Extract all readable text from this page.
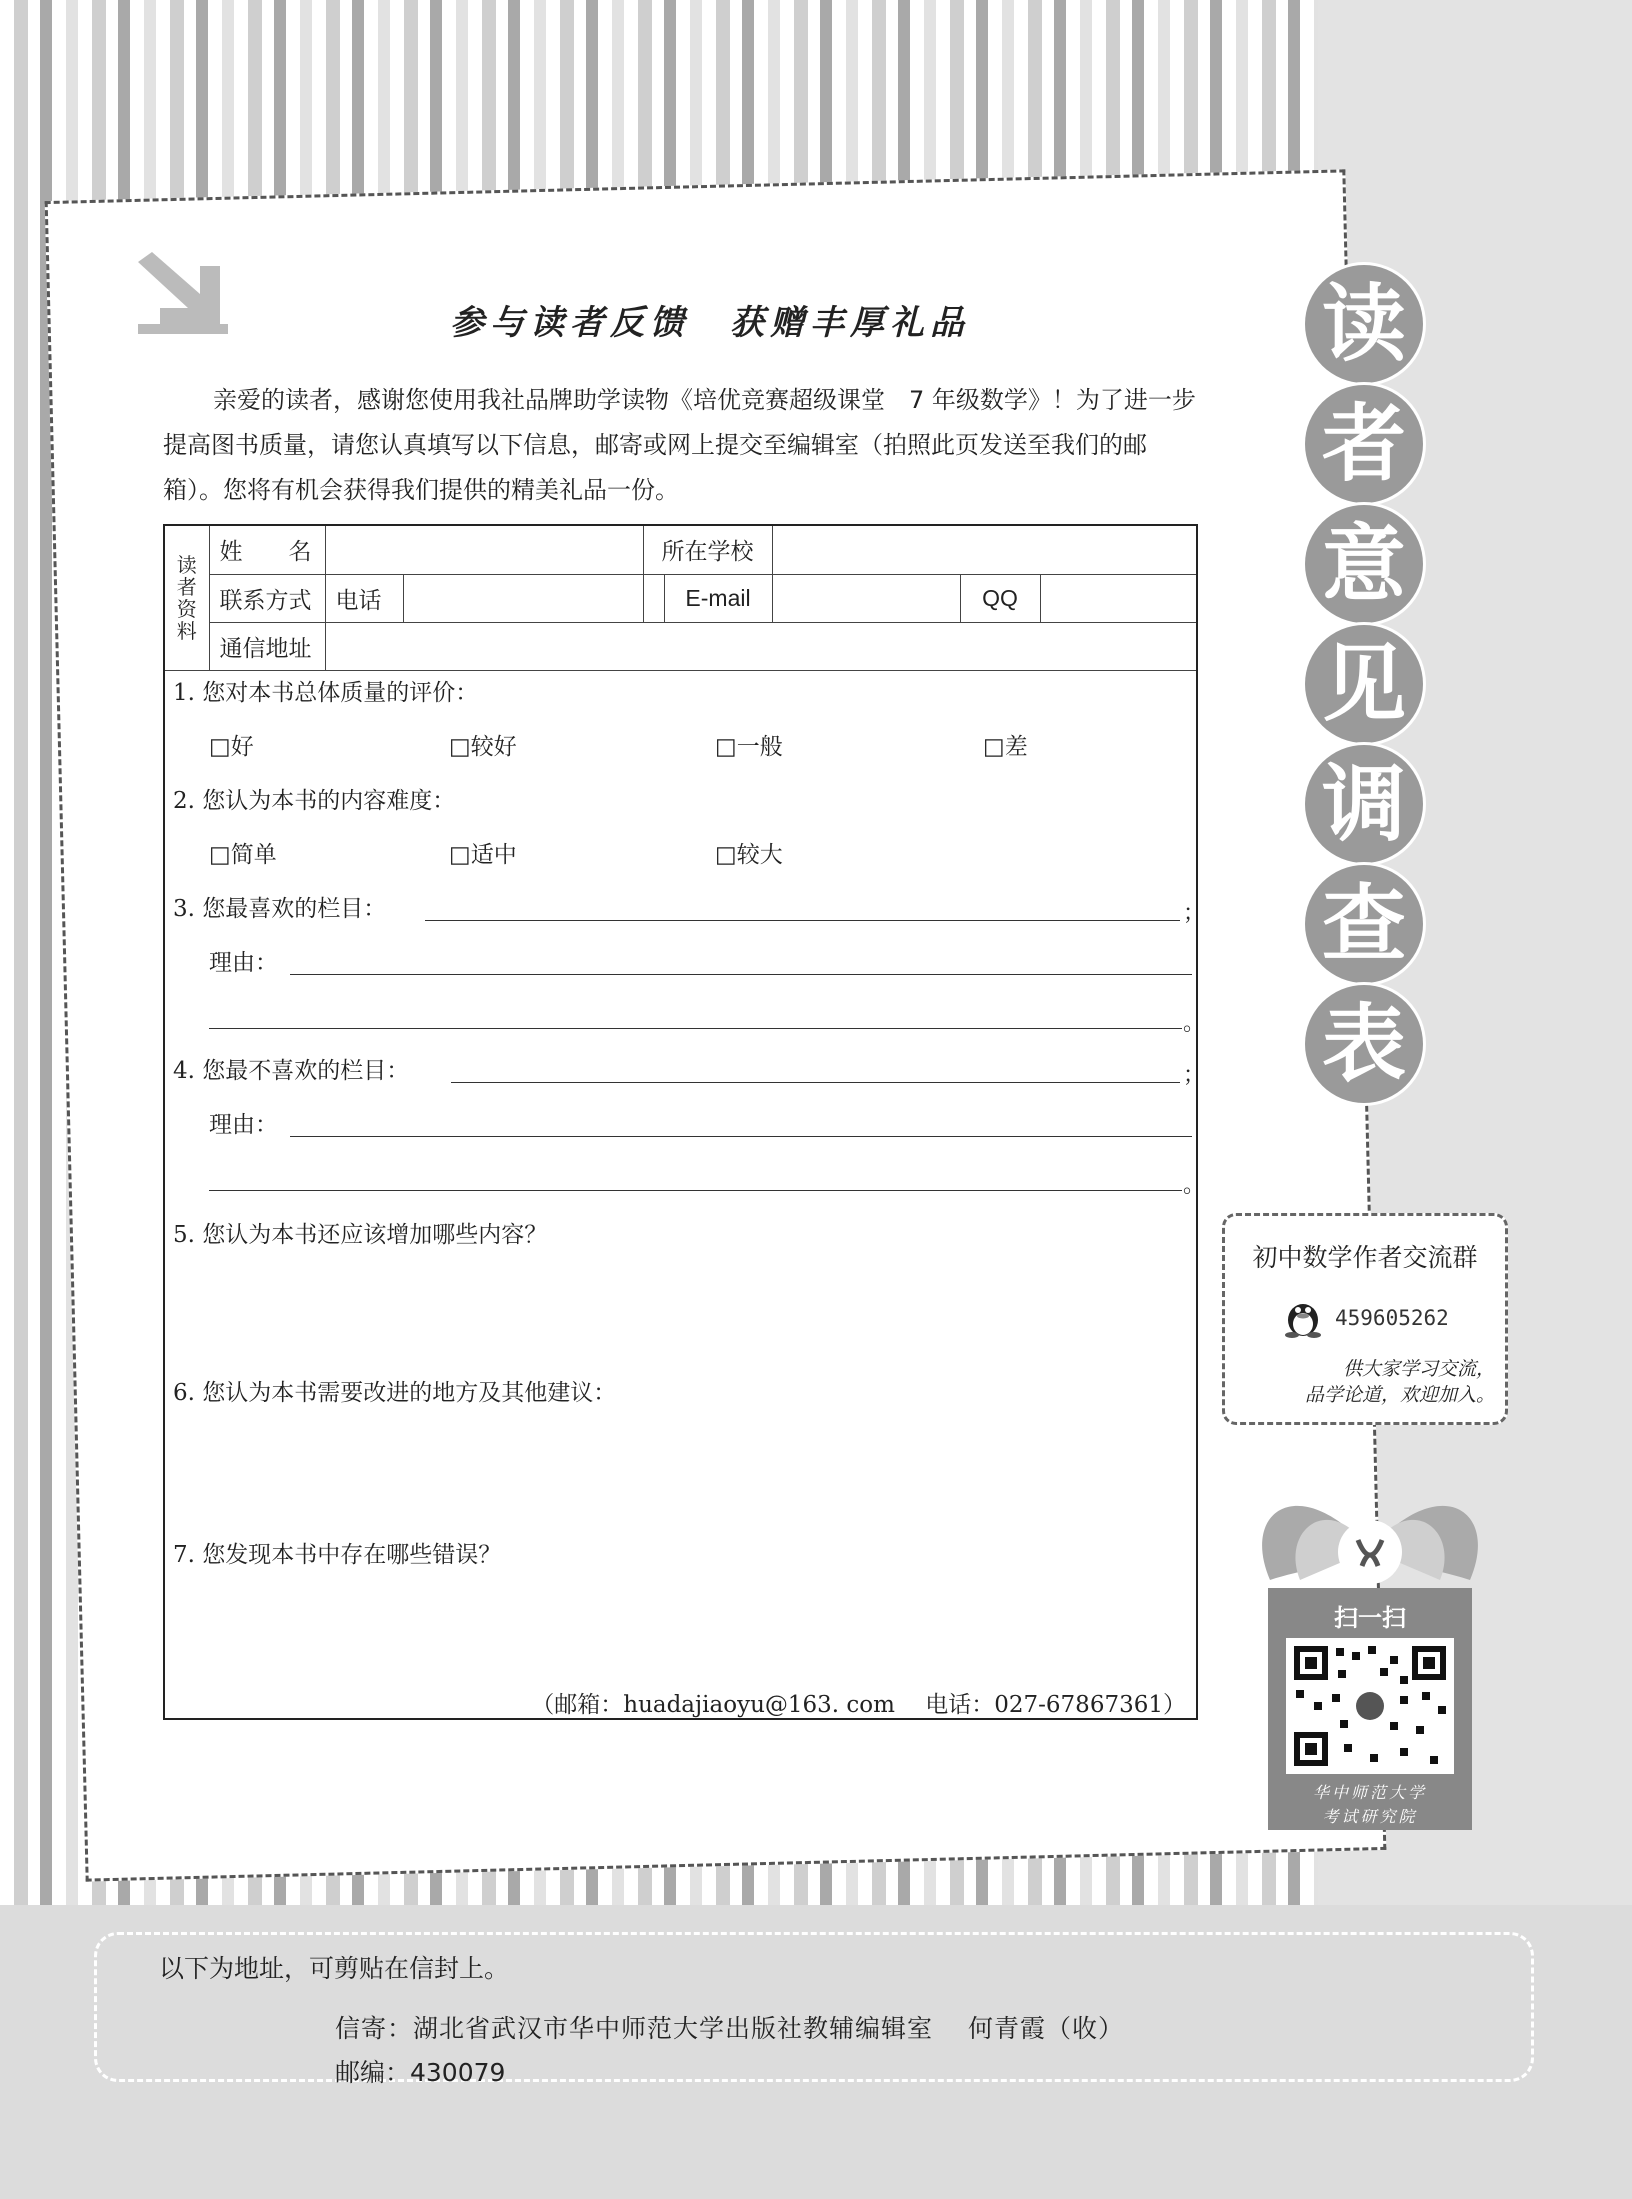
参与读者反馈　获赠丰厚礼品

亲爱的读者，感谢您使用我社品牌助学读物《培优竞赛超级课堂　7 年级数学》！为了进一步提高图书质量，请您认真填写以下信息，邮寄或网上提交至编辑室（拍照此页发送至我们的邮箱）。您将有机会获得我们提供的精美礼品一份。

读者资料	姓　　名			所在学校				
	联系方式	电话			E-mail		QQ	
	通信地址							
1. 您对本书总体质量的评价：
□好	□较好	□一般	□差
2. 您认为本书的内容难度：
□简单	□适中	□较大
3. 您最喜欢的栏目：	；
理由：
。
4. 您最不喜欢的栏目：	；
理由：
。
5. 您认为本书还应该增加哪些内容？
6. 您认为本书需要改进的地方及其他建议：
7. 您发现本书中存在哪些错误？
（邮箱：huadajiaoyu@163. com　 电话：027-67867361）
读
者
意
见
调
查
表
初中数学作者交流群
459605262
供大家学习交流，
品学论道，欢迎加入。
扫一扫
华中师范大学
考试研究院
以下为地址，可剪贴在信封上。
信寄：湖北省武汉市华中师范大学出版社教辅编辑室　 何青霞（收）
邮编：430079
